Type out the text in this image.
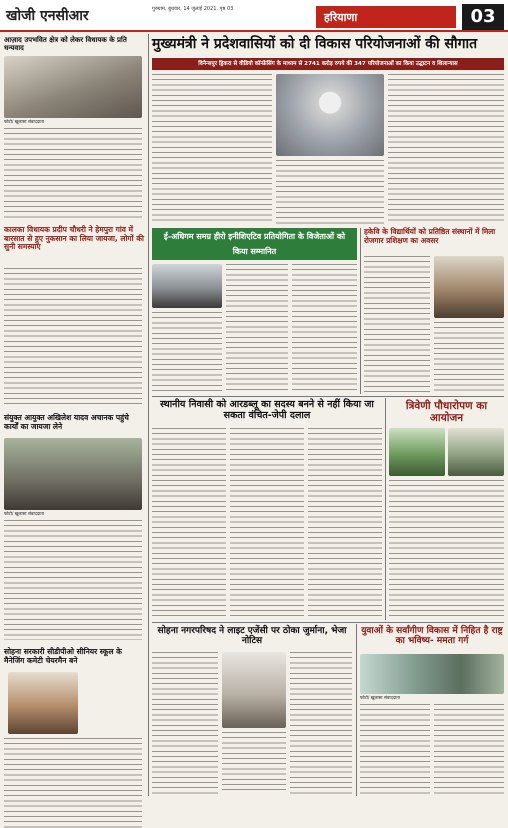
खोजी एनसीआर	गुरुग्राम, बुधवार, 14 जुलाई 2021, पृष्ठ 03
हरियाणा	03
आज़ाद उपभवित क्षेत्र को लेकर विधायक के प्रति धन्यवाद
फोटो/ खुलासा संवाददाता
कालका विधायक प्रदीप चौधरी ने हेमपुरा गांव में बारसात से हुए नुकसान का लिया जायजा, लोगों की सुनी समस्याएं
संयुक्त आयुक्त अखिलेश यादव अचानक पहुंचे कार्यों का जायजा लेने
फोटो/ खुलासा संवाददाता
सोहना सरकारी सीडीपीओ सीनियर स्कूल के मैनेजिंग कमेटी चेयरमैन बने
मुख्यमंत्री ने प्रदेशवासियों को दी विकास परियोजनाओं की सौगात
विनैन्सपुर ड्रिकरा से वीडियो कॉन्फ्रेंसिंग के माध्यम से 2741 करोड़ रुपये की 347 परियोजनाओं का किया उद्घाटन व शिलान्यास
ई-अधिगम समग्र हीरो इनीशिएटिव प्रतियोगिता के विजेताओं को किया सम्मानित
हकेवि के विद्यार्थियों को प्रतिष्ठित संस्थानों में मिला रोजगार प्रशिक्षण का अवसर
स्थानीय निवासी को आरडब्लू का सदस्य बनने से नहीं किया जा सकता वंचित-जेपी दलाल
त्रिवेणी पौधारोपण का आयोजन
सोहना नगरपरिषद ने लाइट एजेंसी पर ठोका जुर्माना, भेजा नोटिस
युवाओं के सर्वांगीण विकास में निहित है राष्ट्र का भविष्य- ममता गर्ग
फोटो/ खुलासा संवाददाता
